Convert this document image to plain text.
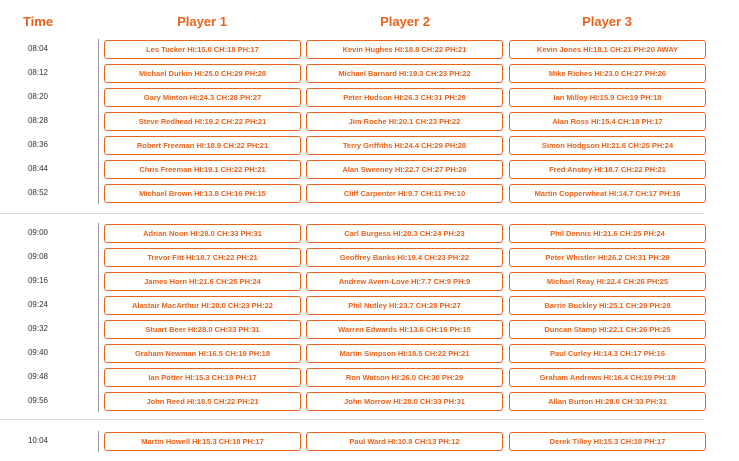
Time	Player 1	Player 2	Player 3
08:04	Les Tucker HI:15.0 CH:18 PH:17	Kevin Hughes HI:18.8 CH:22 PH:21	Kevin Jones HI:18.1 CH:21 PH:20 AWAY
08:12	Michael Durkin HI:25.0 CH:29 PH:28	Michael Barnard HI:19.3 CH:23 PH:22	Mike Riches HI:23.0 CH:27 PH:26
08:20	Gary Minton HI:24.3 CH:28 PH:27	Peter Hudson HI:26.3 CH:31 PH:29	Ian Milloy HI:15.9 CH:19 PH:18
08:28	Steve Redhead HI:19.2 CH:22 PH:21	Jim Roche HI:20.1 CH:23 PH:22	Alan Ross HI:15.4 CH:18 PH:17
08:36	Robert Freeman HI:18.9 CH:22 PH:21	Terry Griffiths HI:24.4 CH:29 PH:28	Simon Hodgson HI:21.6 CH:25 PH:24
08:44	Chris Freeman HI:19.1 CH:22 PH:21	Alan Sweeney HI:22.7 CH:27 PH:26	Fred Anstey HI:18.7 CH:22 PH:21
08:52	Michael Brown HI:13.8 CH:16 PH:15	Cliff Carpenter HI:9.7 CH:11 PH:10	Martin Copperwheat HI:14.7 CH:17 PH:16
09:00	Adrian Noon HI:28.0 CH:33 PH:31	Carl Burgess HI:20.3 CH:24 PH:23	Phil Dennis HI:21.6 CH:25 PH:24
09:08	Trevor Fitt HI:18.7 CH:22 PH:21	Geoffrey Banks HI:19.4 CH:23 PH:22	Peter Whistler HI:26.2 CH:31 PH:29
09:16	James Horn HI:21.6 CH:25 PH:24	Andrew Avern-Love HI:7.7 CH:9 PH:9	Michael Reay HI:22.4 CH:26 PH:25
09:24	Alastair MacArthur HI:20.0 CH:23 PH:22	Phil Nutley HI:23.7 CH:28 PH:27	Barrie Buckley HI:25.1 CH:29 PH:28
09:32	Stuart Beer HI:28.0 CH:33 PH:31	Warren Edwards HI:13.6 CH:16 PH:15	Duncan Stamp HI:22.1 CH:26 PH:25
09:40	Graham Newman HI:16.5 CH:19 PH:18	Martin Simpson HI:18.5 CH:22 PH:21	Paul Curley HI:14.3 CH:17 PH:16
09:48	Ian Potter HI:15.3 CH:18 PH:17	Ron Watson HI:26.0 CH:30 PH:29	Graham Andrews HI:16.4 CH:19 PH:18
09:56	John Reed HI:18.5 CH:22 PH:21	John Morrow HI:28.0 CH:33 PH:31	Allan Burton HI:28.0 CH:33 PH:31
10:04	Martin Howell HI:15.3 CH:18 PH:17	Paul Ward HI:10.8 CH:13 PH:12	Derek Tilley HI:15.3 CH:18 PH:17
